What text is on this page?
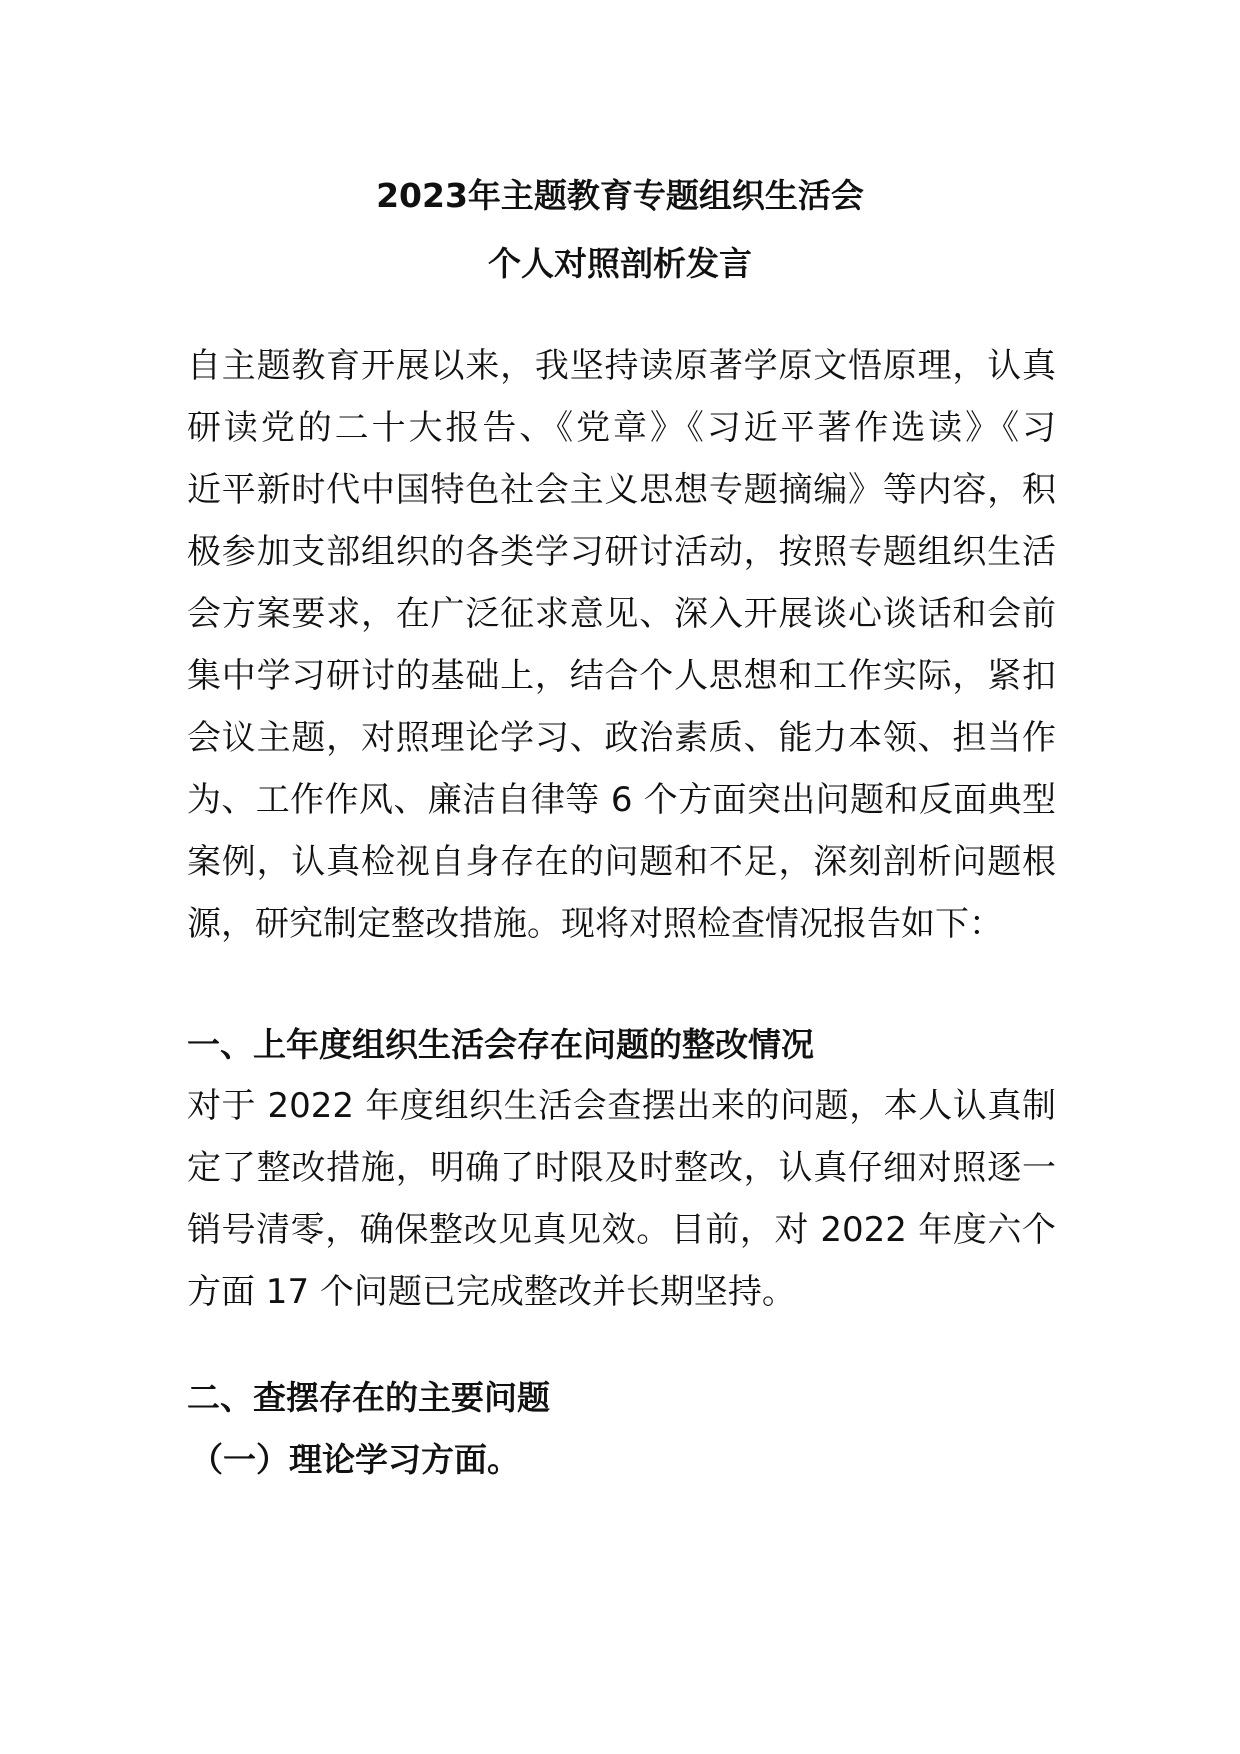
2023年主题教育专题组织生活会
个人对照剖析发言
自主题教育开展以来，我坚持读原著学原文悟原理，认真
研读党的二十大报告、《党章》《习近平著作选读》《习
近平新时代中国特色社会主义思想专题摘编》等内容，积
极参加支部组织的各类学习研讨活动，按照专题组织生活
会方案要求，在广泛征求意见、深入开展谈心谈话和会前
集中学习研讨的基础上，结合个人思想和工作实际，紧扣
会议主题，对照理论学习、政治素质、能力本领、担当作
为、工作作风、廉洁自律等 6 个方面突出问题和反面典型
案例，认真检视自身存在的问题和不足，深刻剖析问题根
源，研究制定整改措施。现将对照检查情况报告如下：
一、上年度组织生活会存在问题的整改情况
对于 2022 年度组织生活会查摆出来的问题，本人认真制
定了整改措施，明确了时限及时整改，认真仔细对照逐一
销号清零，确保整改见真见效。目前，对 2022 年度六个
方面 17 个问题已完成整改并长期坚持。
二、查摆存在的主要问题
（一）理论学习方面。
